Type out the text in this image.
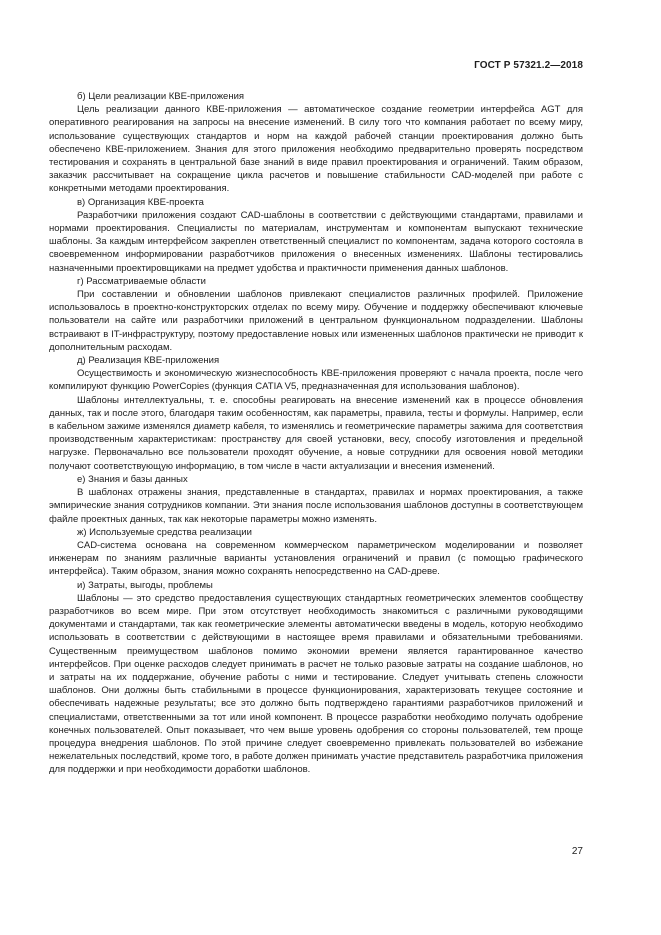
ГОСТ Р 57321.2—2018

б) Цели реализации КВЕ-приложения

Цель реализации данного КВЕ-приложения — автоматическое создание геометрии интерфейса AGT для оперативного реагирования на запросы на внесение изменений. В силу того что компания работает по всему миру, использование существующих стандартов и норм на каждой рабочей станции проектирования должно быть обеспечено КВЕ-приложением. Знания для этого приложения необходимо предварительно проверять посредством тестирования и сохранять в центральной базе знаний в виде правил проектирования и ограничений. Таким образом, заказчик рассчитывает на сокращение цикла расчетов и повышение стабильности CAD-моделей при работе с конкретными методами проектирования.

в) Организация КВЕ-проекта

Разработчики приложения создают CAD-шаблоны в соответствии с действующими стандартами, правилами и нормами проектирования. Специалисты по материалам, инструментам и компонентам выпускают технические шаблоны. За каждым интерфейсом закреплен ответственный специалист по компонентам, задача которого состояла в своевременном информировании разработчиков приложения о внесенных изменениях. Шаблоны тестировались назначенными проектировщиками на предмет удобства и практичности применения данных шаблонов.

г) Рассматриваемые области

При составлении и обновлении шаблонов привлекают специалистов различных профилей. Приложение использовалось в проектно-конструкторских отделах по всему миру. Обучение и поддержку обеспечивают ключевые пользователи на сайте или разработчики приложений в центральном функциональном подразделении. Шаблоны встраивают в IT-инфраструктуру, поэтому предоставление новых или измененных шаблонов практически не приводит к дополнительным расходам.

д) Реализация КВЕ-приложения

Осуществимость и экономическую жизнеспособность КВЕ-приложения проверяют с начала проекта, после чего компилируют функцию PowerCopies (функция CATIA V5, предназначенная для использования шаблонов).

Шаблоны интеллектуальны, т. е. способны реагировать на внесение изменений как в процессе обновления данных, так и после этого, благодаря таким особенностям, как параметры, правила, тесты и формулы. Например, если в кабельном зажиме изменялся диаметр кабеля, то изменялись и геометрические параметры зажима для соответствия производственным характеристикам: пространству для своей установки, весу, способу изготовления и предельной нагрузке. Первоначально все пользователи проходят обучение, а новые сотрудники для освоения новой методики получают соответствующую информацию, в том числе в части актуализации и внесения изменений.

е) Знания и базы данных

В шаблонах отражены знания, представленные в стандартах, правилах и нормах проектирования, а также эмпирические знания сотрудников компании. Эти знания после использования шаблонов доступны в соответствующем файле проектных данных, так как некоторые параметры можно изменять.

ж) Используемые средства реализации

CAD-система основана на современном коммерческом параметрическом моделировании и позволяет инженерам по знаниям различные варианты установления ограничений и правил (с помощью графического интерфейса). Таким образом, знания можно сохранять непосредственно на CAD-древе.

и) Затраты, выгоды, проблемы

Шаблоны — это средство предоставления существующих стандартных геометрических элементов сообществу разработчиков во всем мире. При этом отсутствует необходимость знакомиться с различными руководящими документами и стандартами, так как геометрические элементы автоматически введены в модель, которую необходимо использовать в соответствии с действующими в настоящее время правилами и обязательными требованиями. Существенным преимуществом шаблонов помимо экономии времени является гарантированное качество интерфейсов. При оценке расходов следует принимать в расчет не только разовые затраты на создание шаблонов, но и затраты на их поддержание, обучение работы с ними и тестирование. Следует учитывать степень сложности шаблонов. Они должны быть стабильными в процессе функционирования, характеризовать текущее состояние и обеспечивать надежные результаты; все это должно быть подтверждено гарантиями разработчиков приложений и специалистами, ответственными за тот или иной компонент. В процессе разработки необходимо получать одобрение конечных пользователей. Опыт показывает, что чем выше уровень одобрения со стороны пользователей, тем проще процедура внедрения шаблонов. По этой причине следует своевременно привлекать пользователей во избежание нежелательных последствий, кроме того, в работе должен принимать участие представитель разработчика приложения для поддержки и при необходимости доработки шаблонов.

27
